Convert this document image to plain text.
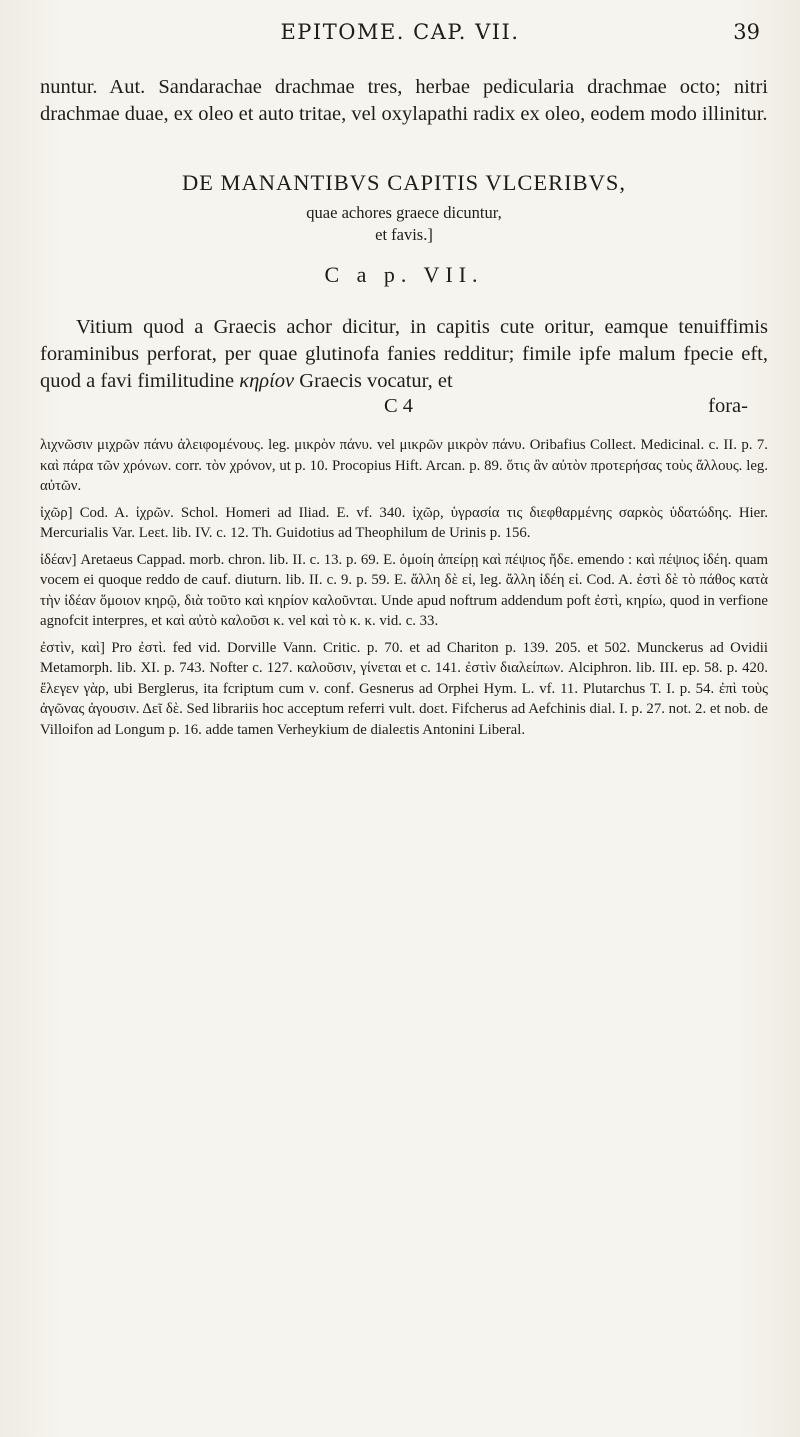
EPITOME. CAP. VII.	39

nuntur. Aut. Sandarachae drachmae tres, herbae pedicularia drachmae octo; nitri drachmae duae, ex oleo et auto tritae, vel oxylapathi radix ex oleo, eodem modo illinitur.

DE MANANTIBVS CAPITIS VLCERIBVS,
quae achores graece dicuntur,
et favis.]
C a p. VII.

Vitium quod a Graecis achor dicitur, in capitis cute oritur, eamque tenuiffimis foraminibus perforat, per quae glutinofa fanies redditur; fimile ipfe malum fpecie eft, quod a favi fimilitudine κηρίον Graecis vocatur, et

C 4	fora-

λιχνῶσιν μιχρῶν πάνυ ἀλειφομένους. leg. μικρὸν πάνυ. vel μικρῶν μικρὸν πάνυ. Oribafius Colleɛt. Medicinal. c. II. p. 7. καὶ πάρα τῶν χρόνων. corr. τὸν χρόνον, ut p. 10. Procopius Hift. Arcan. p. 89. ὅτις ἂν αὐτὸν προτερήσας τοὺς ἄλλους. leg. αὐτῶν.

ἰχῶρ] Cod. A. ἰχρῶν. Schol. Homeri ad Iliad. E. vf. 340. ἰχῶρ, ὑγρασία τις διεφθαρμένης σαρκὸς ὑδατώδης. Hier. Mercurialis Var. Leɛt. lib. IV. c. 12. Th. Guidotius ad Theophilum de Urinis p. 156.

ἰδέαν] Aretaeus Cappad. morb. chron. lib. II. c. 13. p. 69. E. ὁμοίη ἀπείρῃ καὶ πέψιος ἤδε. emendo : καὶ πέψιος ἰδέη. quam vocem ei quoque reddo de cauf. diuturn. lib. II. c. 9. p. 59. E. ἄλλη δὲ εἰ, leg. ἄλλη ἰδέη εἰ. Cod. A. ἐστὶ δὲ τὸ πάθος κατὰ τὴν ἰδέαν ὅμοιον κηρῷ, διὰ τοῦτο καὶ κηρίον καλοῦνται. Unde apud noftrum addendum poft ἐστὶ, κηρίω, quod in verfione agnofcit interpres, et καὶ αὐτὸ καλοῦσι κ. vel καὶ τὸ κ. κ. vid. c. 33.

ἐστὶν, καὶ] Pro ἐστὶ. fed vid. Dorville Vann. Critic. p. 70. et ad Chariton p. 139. 205. et 502. Munckerus ad Ovidii Metamorph. lib. XI. p. 743. Nofter c. 127. καλοῦσιν, γίνεται et c. 141. ἐστὶν διαλείπων. Alciphron. lib. III. ep. 58. p. 420. ἔλεγεν γὰρ, ubi Berglerus, ita fcriptum cum ν. conf. Gesnerus ad Orphei Hym. L. vf. 11. Plutarchus T. I. p. 54. ἐπὶ τοὺς ἀγῶνας ἀγουσιν. Δεῖ δὲ. Sed librariis hoc acceptum referri vult. doɛt. Fifcherus ad Aefchinis dial. I. p. 27. not. 2. et nob. de Villoifon ad Longum p. 16. adde tamen Verheykium de dialeɛtis Antonini Liberal.
